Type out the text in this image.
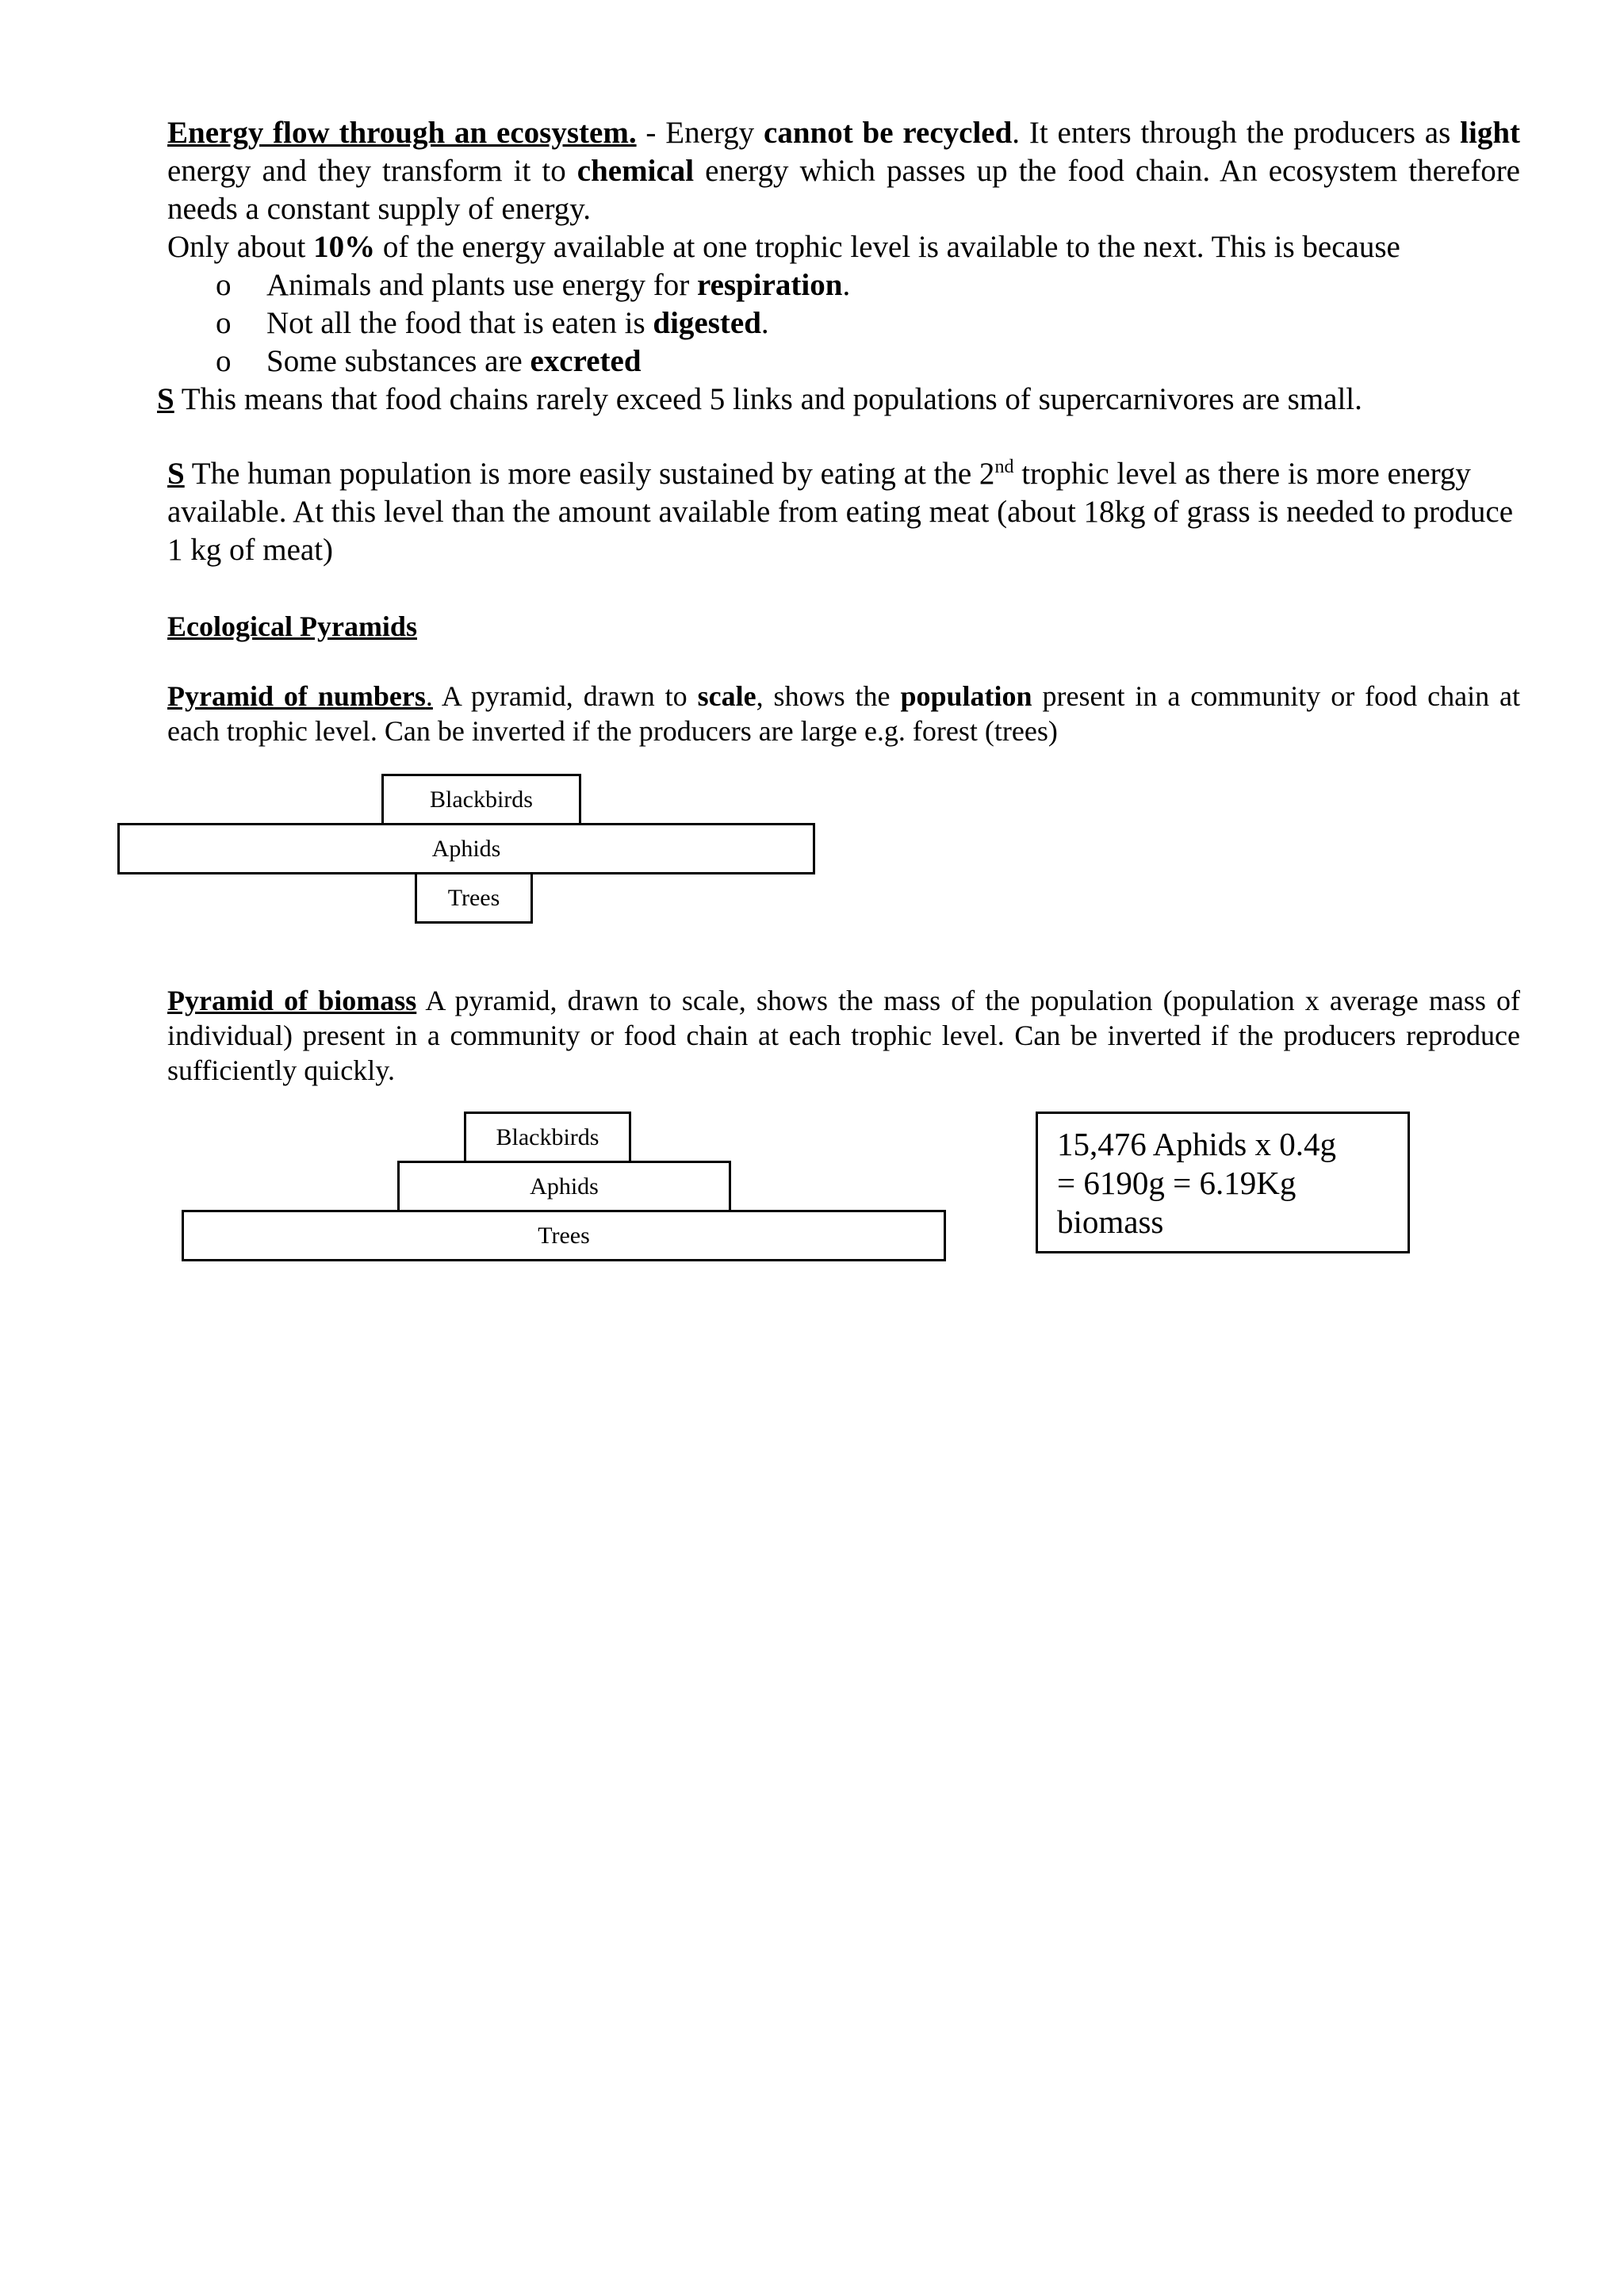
Energy flow through an ecosystem. - Energy cannot be recycled. It enters through the producers as light energy and they transform it to chemical energy which passes up the food chain. An ecosystem therefore needs a constant supply of energy.
Only about 10% of the energy available at one trophic level is available to the next. This is because
o Animals and plants use energy for respiration.
o Not all the food that is eaten is digested.
o Some substances are excreted
S This means that food chains rarely exceed 5 links and populations of supercarnivores are small.
S The human population is more easily sustained by eating at the 2nd trophic level as there is more energy available. At this level than the amount available from eating meat (about 18kg of grass is needed to produce 1 kg of meat)
Ecological Pyramids
Pyramid of numbers. A pyramid, drawn to scale, shows the population present in a community or food chain at each trophic level. Can be inverted if the producers are large e.g. forest (trees)
Blackbirds
Aphids
Trees
Pyramid of biomass A pyramid, drawn to scale, shows the mass of the population (population x average mass of individual) present in a community or food chain at each trophic level. Can be inverted if the producers reproduce sufficiently quickly.
Blackbirds
Aphids
Trees
15,476 Aphids x 0.4g
= 6190g = 6.19Kg
biomass
